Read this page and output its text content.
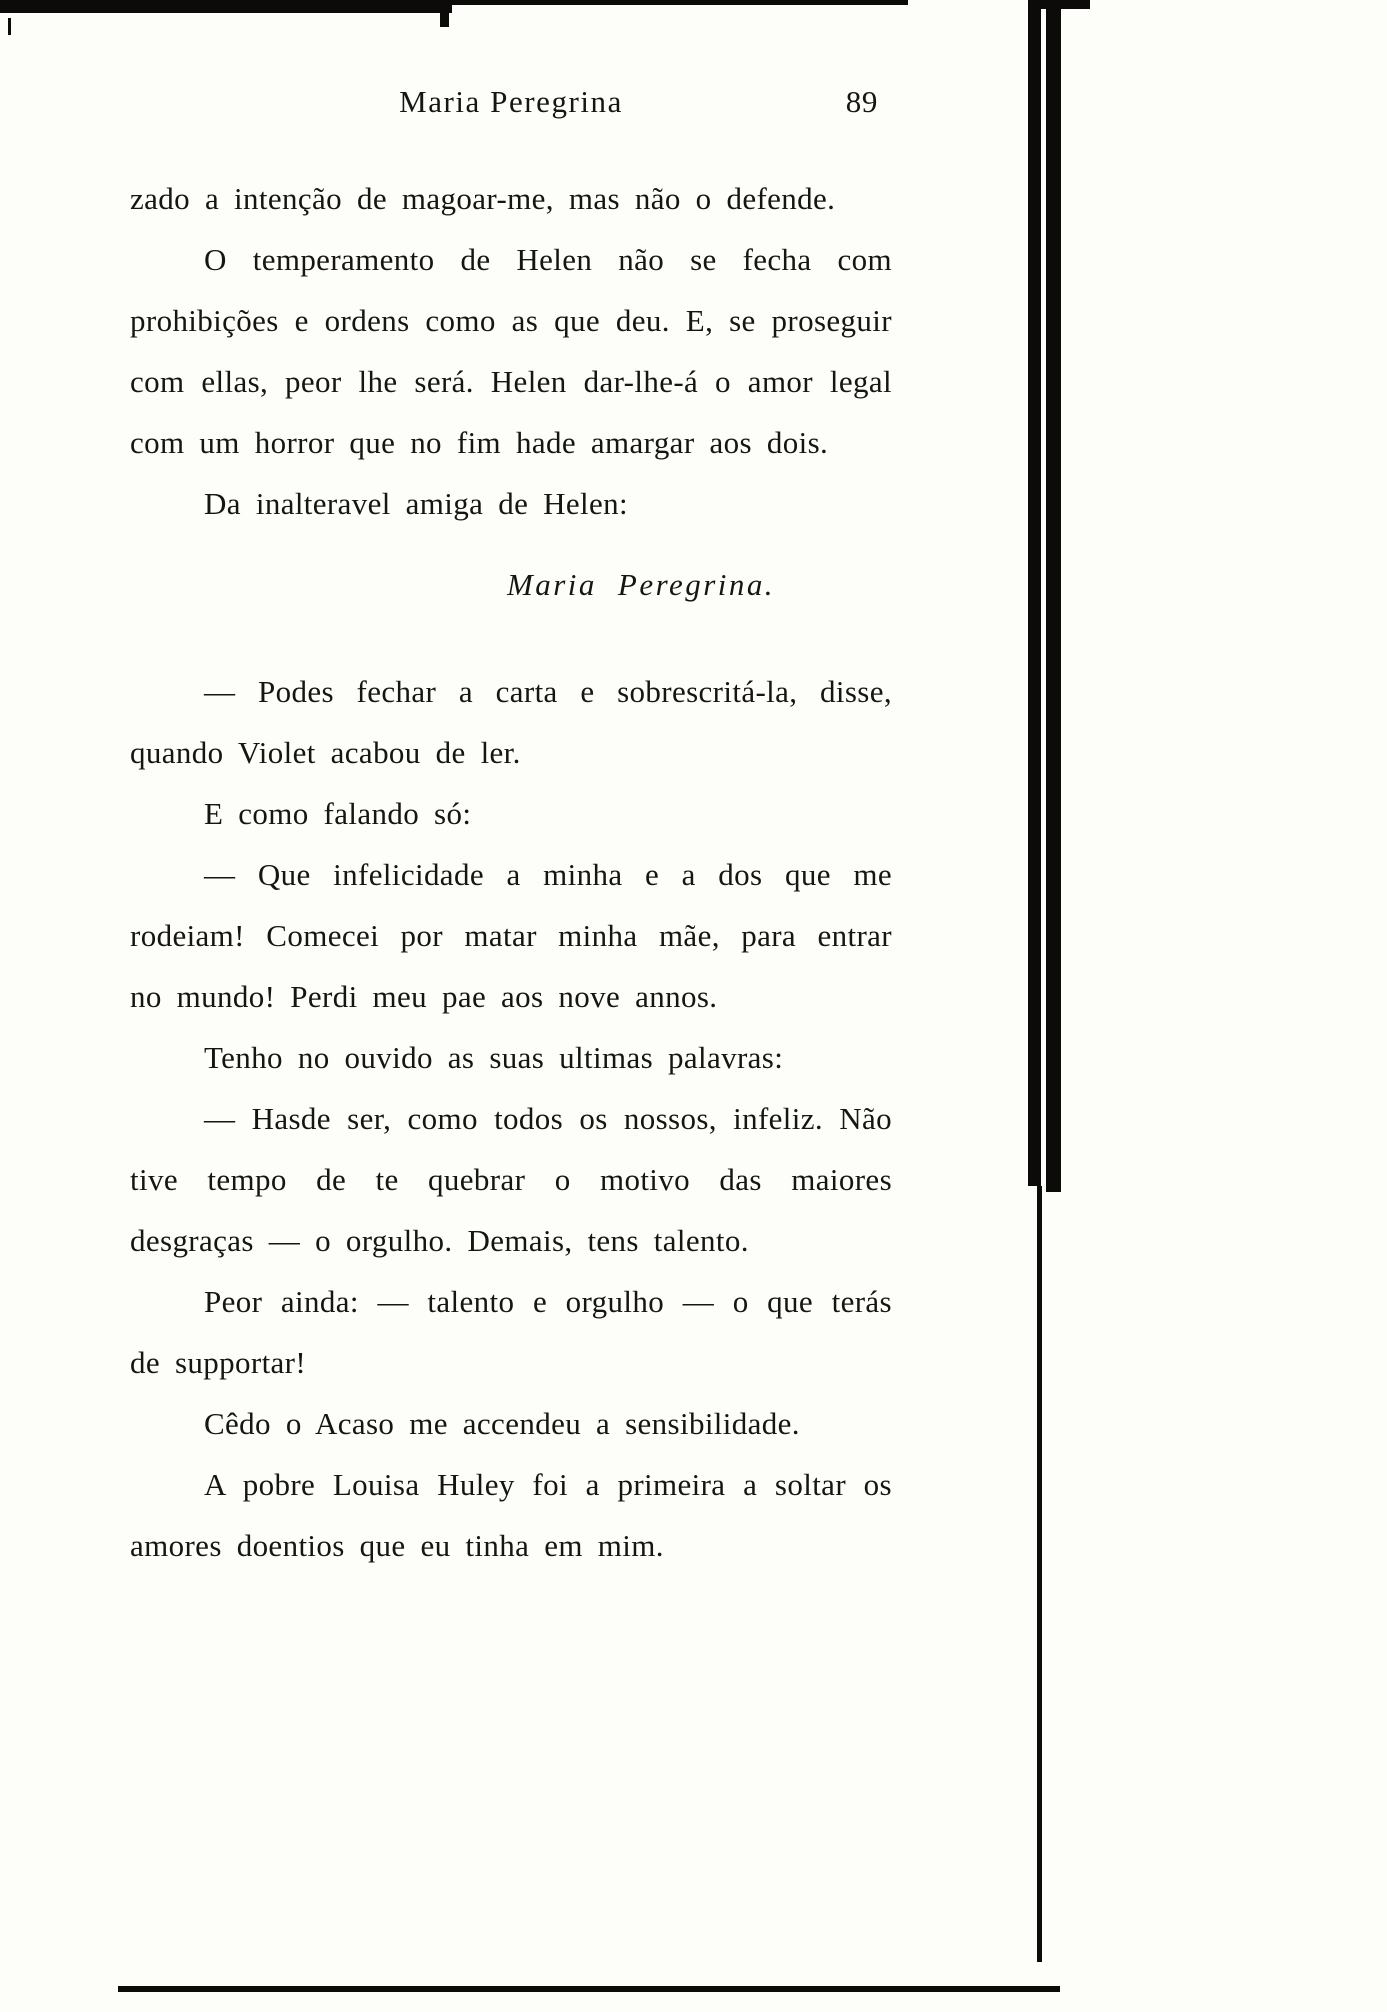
Maria Peregrina	89

zado a intenção de magoar-me, mas não o defende.

O temperamento de Helen não se fecha com prohibições e ordens como as que deu. E, se proseguir com ellas, peor lhe será. Helen dar-lhe-á o amor legal com um horror que no fim hade amargar aos dois.

Da inalteravel amiga de Helen:

Maria Peregrina.

— Podes fechar a carta e sobrescritá-la, disse, quando Violet acabou de ler.

E como falando só:

— Que infelicidade a minha e a dos que me rodeiam! Comecei por matar minha mãe, para entrar no mundo! Perdi meu pae aos nove annos.

Tenho no ouvido as suas ultimas palavras:

— Hasde ser, como todos os nossos, infeliz. Não tive tempo de te quebrar o motivo das maiores desgraças — o orgulho. Demais, tens talento.

Peor ainda: — talento e orgulho — o que terás de supportar!

Cêdo o Acaso me accendeu a sensibilidade.

A pobre Louisa Huley foi a primeira a soltar os amores doentios que eu tinha em mim.
